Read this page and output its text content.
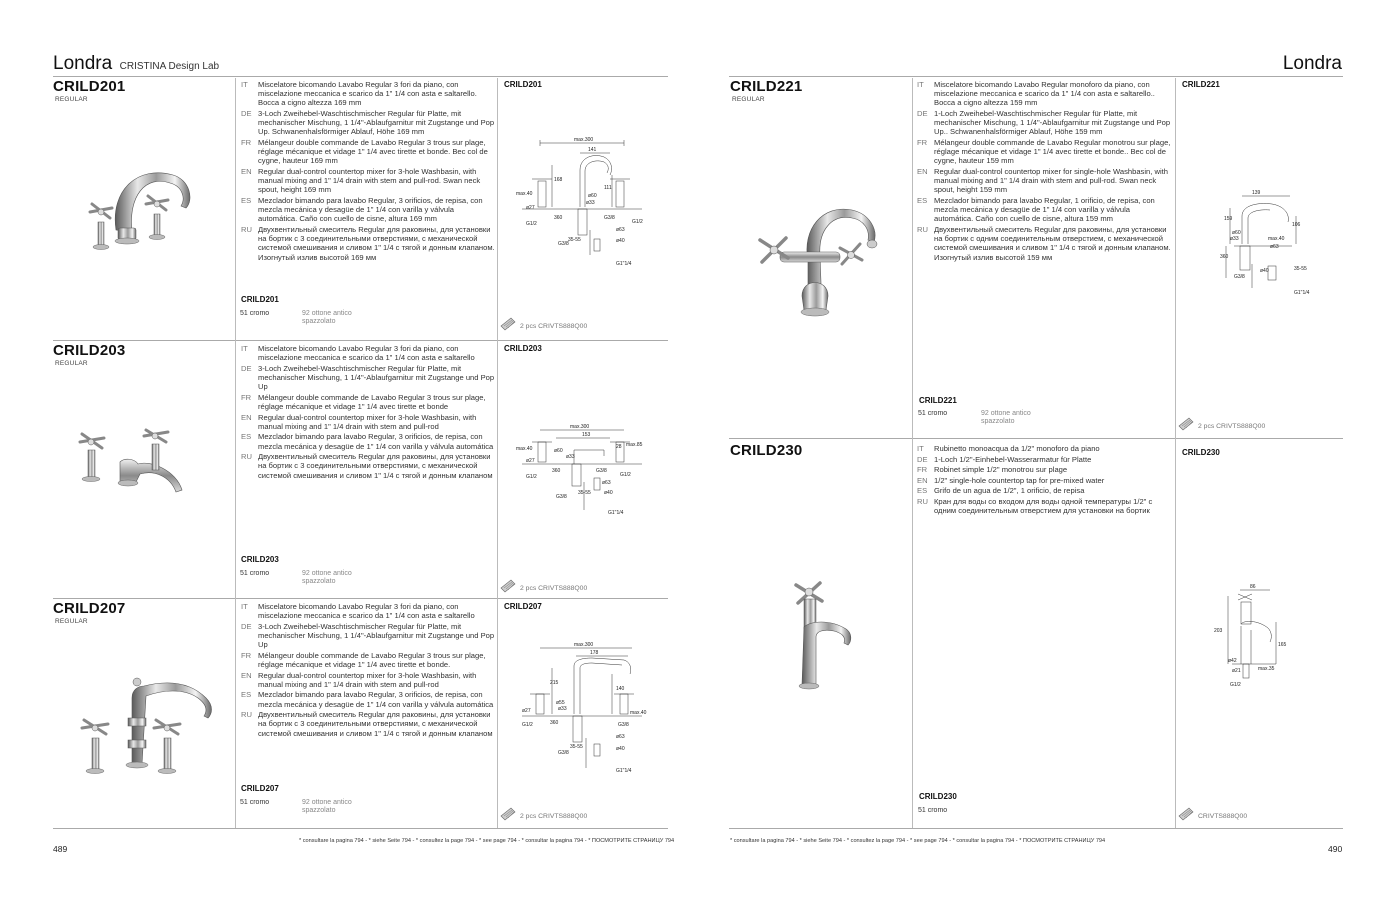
Londra CRISTINA Design Lab	Londra
CRILD201
REGULAR
IT	Miscelatore bicomando Lavabo Regular 3 fori da piano, con miscelazione meccanica e scarico da 1" 1/4 con asta e saltarello. Bocca a cigno altezza 169 mm
DE 3-Loch Zweihebel-Waschtischmischer Regular für Platte, mit mechanischer Mischung, 1 1/4"-Ablaufgarnitur mit Zugstange und Pop Up. Schwanenhalsförmiger Ablauf, Höhe 169 mm
FR Mélangeur double commande de Lavabo Regular 3 trous sur plage, réglage mécanique et vidage 1" 1/4 avec tirette et bonde. Bec col de cygne, hauteur 169 mm
EN Regular dual-control countertop mixer for 3-hole Washbasin, with manual mixing and 1" 1/4 drain with stem and pull-rod. Swan neck spout, height 169 mm
ES Mezclador bimando para lavabo Regular, 3 orificios, de repisa, con mezcla mecánica y desagüe de 1" 1/4 con varilla y válvula automática. Caño con cuello de cisne, altura 169 mm
RU Двухвентильный смеситель Regular для раковины, для установки на бортик с 3 соединительными отверстиями, с механической системой смешивания и сливом 1" 1/4 с тягой и донным клапаном. Изогнутый излив высотой 169 мм
CRILD201
51 cromo	92 ottone antico spazzolato
2 pcs CRIVTS888Q00
CRILD201
max.300
141
168
111
max.40	ø60
ø27
ø33
G1/2	G1/2
G3/8
G3/8
360
35-55	ø40
ø63
G1"1/4
CRILD203
REGULAR
IT	Miscelatore bicomando Lavabo Regular 3 fori da piano, con miscelazione meccanica e scarico da 1" 1/4 con asta e saltarello
DE 3-Loch Zweihebel-Waschtischmischer Regular für Platte, mit mechanischer Mischung, 1 1/4"-Ablaufgarnitur mit Zugstange und Pop Up
FR Mélangeur double commande de Lavabo Regular 3 trous sur plage, réglage mécanique et vidage 1" 1/4 avec tirette et bonde
EN Regular dual-control countertop mixer for 3-hole Washbasin, with manual mixing and 1" 1/4 drain with stem and pull-rod
ES Mezclador bimando para lavabo Regular, 3 orificios, de repisa, con mezcla mecánica y desagüe de 1" 1/4 con varilla y válvula automática
RU Двухвентильный смеситель Regular для раковины, для установки на бортик с 3 соединительными отверстиями, с механической системой смешивания и сливом 1" 1/4 с тягой и донным клапаном
CRILD203
51 cromo	92 ottone antico spazzolato
2 pcs CRIVTS888Q00
CRILD203
max.300
153
28 max.85
max.40	ø60
ø33
ø27
360
G1/2	G1/2
G3/8
G3/8
35-55	ø40
ø63
G1"1/4
CRILD207
REGULAR
IT	Miscelatore bicomando Lavabo Regular 3 fori da piano, con miscelazione meccanica e scarico da 1" 1/4 con asta e saltarello
DE 3-Loch Zweihebel-Waschtischmischer Regular für Platte, mit mechanischer Mischung, 1 1/4"-Ablaufgarnitur mit Zugstange und Pop Up
FR Mélangeur double commande de Lavabo Regular 3 trous sur plage, réglage mécanique et vidage 1" 1/4 avec tirette et bonde.
EN Regular dual-control countertop mixer for 3-hole Washbasin, with manual mixing and 1" 1/4 drain with stem and pull-rod
ES Mezclador bimando para lavabo Regular, 3 orificios, de repisa, con mezcla mecánica y desagüe de 1" 1/4 con varilla y válvula automática
RU Двухвентильный смеситель Regular для раковины, для установки на бортик с 3 соединительными отверстиями, с механической системой смешивания и сливом 1" 1/4 с тягой и донным клапаном
CRILD207
51 cromo	92 ottone antico spazzolato
2 pcs CRIVTS888Q00
CRILD207
max.300
178
215
140
max.40
ø55
ø33
ø27
360
G1/2	G3/8
G3/8
35-55	ø40
ø63
G1"1/4
CRILD221
REGULAR
IT	Miscelatore bicomando Lavabo Regular monoforo da piano, con miscelazione meccanica e scarico da 1" 1/4 con asta e saltarello.. Bocca a cigno altezza 159 mm
DE 1-Loch Zweihebel-Waschtischmischer Regular für Platte, mit mechanischer Mischung, 1 1/4"-Ablaufgarnitur mit Zugstange und Pop Up.. Schwanenhalsförmiger Ablauf, Höhe 159 mm
FR Mélangeur double commande de Lavabo Regular monotrou sur plage, réglage mécanique et vidage 1" 1/4 avec tirette et bonde.. Bec col de cygne, hauteur 159 mm
EN Regular dual-control countertop mixer for single-hole Washbasin, with manual mixing and 1" 1/4 drain with stem and pull-rod. Swan neck spout, height 159 mm
ES Mezclador bimando para lavabo Regular, 1 orificio, de repisa, con mezcla mecánica y desagüe de 1" 1/4 con varilla y válvula automática. Caño con cuello de cisne, altura 159 mm
RU Двухвентильный смеситель Regular для раковины, для установки на бортик с одним соединительным отверстием, с механической системой смешивания и сливом 1" 1/4 с тягой и донным клапаном. Изогнутый излив высотой 159 мм
CRILD221
51 cromo	92 ottone antico spazzolato
2 pcs CRIVTS888Q00
CRILD221
139
159
106
ø60
ø33	max.40
ø63
360
G3/8
ø40	35-55
G1"1/4
CRILD230	IT	Rubinetto monoacqua da 1/2" monoforo da piano
DE 1-Loch 1/2"-Einhebel-Wasserarmatur für Platte
FR Robinet simple 1/2" monotrou sur plage
EN 1/2" single-hole countertop tap for pre-mixed water
ES Grifo de un agua de 1/2", 1 orificio, de repisa
RU Кран для воды со входом для воды одной температуры 1/2" с одним соединительным отверстием для установки на бортик
CRILD230
51 cromo
CRIVTS888Q00
CRILD230
86
203
165
ø42
ø21	max.35
G1/2
* consultare la pagina 794 - * siehe Seite 794 - * consultez la page 794 - * see page 794 - * consultar la pagina 794 - * ПОСМОТРИТЕ СТРАНИЦУ 794	* consultare la pagina 794 - * siehe Seite 794 - * consultez la page 794 - * see page 794 - * consultar la pagina 794 - * ПОСМОТРИТЕ СТРАНИЦУ 794
489	490
